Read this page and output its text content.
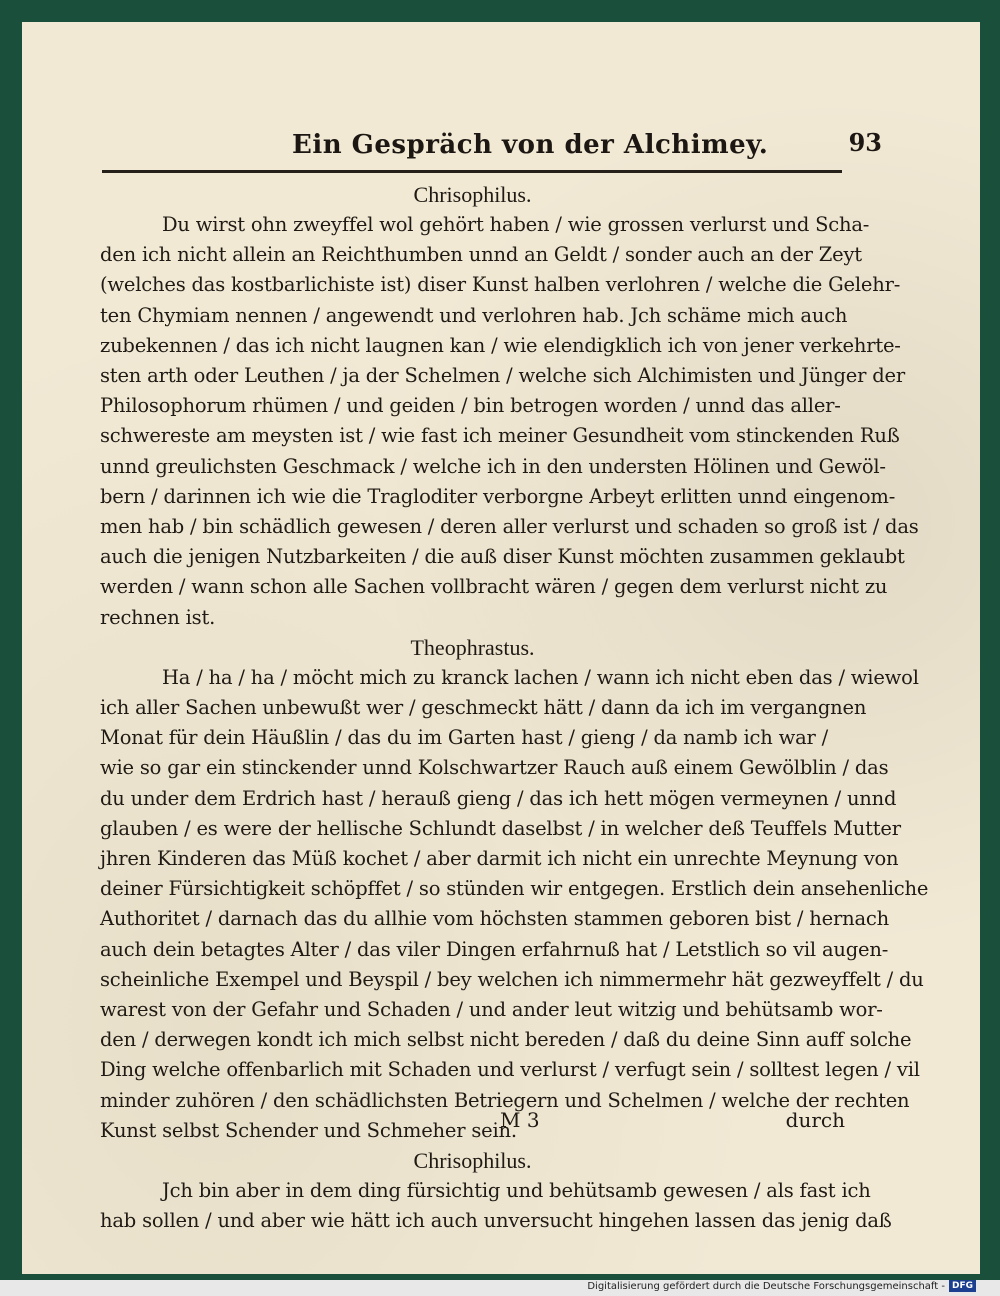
Ein Gespräch von der Alchimey.	93

Chrisophilus.

Du wirst ohn zweyffel wol gehört haben / wie grossen verlurst und Scha-

den ich nicht allein an Reichthumben unnd an Geldt / sonder auch an der Zeyt

(welches das kostbarlichiste ist) diser Kunst halben verlohren / welche die Gelehr-

ten Chymiam nennen / angewendt und verlohren hab. Jch schäme mich auch

zubekennen / das ich nicht laugnen kan / wie elendigklich ich von jener verkehrte-

sten arth oder Leuthen / ja der Schelmen / welche sich Alchimisten und Jünger der

Philosophorum rhümen / und geiden / bin betrogen worden / unnd das aller-

schwereste am meysten ist / wie fast ich meiner Gesundheit vom stinckenden Ruß

unnd greulichsten Geschmack / welche ich in den understen Hölinen und Gewöl-

bern / darinnen ich wie die Tragloditer verborgne Arbeyt erlitten unnd eingenom-

men hab / bin schädlich gewesen / deren aller verlurst und schaden so groß ist / das

auch die jenigen Nutzbarkeiten / die auß diser Kunst möchten zusammen geklaubt

werden / wann schon alle Sachen vollbracht wären / gegen dem verlurst nicht zu

rechnen ist.

Theophrastus.

Ha / ha / ha / möcht mich zu kranck lachen / wann ich nicht eben das / wiewol

ich aller Sachen unbewußt wer / geschmeckt hätt / dann da ich im vergangnen

Monat für dein Häußlin / das du im Garten hast / gieng / da namb ich war /

wie so gar ein stinckender unnd Kolschwartzer Rauch auß einem Gewölblin / das

du under dem Erdrich hast / herauß gieng / das ich hett mögen vermeynen / unnd

glauben / es were der hellische Schlundt daselbst / in welcher deß Teuffels Mutter

jhren Kinderen das Müß kochet / aber darmit ich nicht ein unrechte Meynung von

deiner Fürsichtigkeit schöpffet / so stünden wir entgegen. Erstlich dein ansehenliche

Authoritet / darnach das du allhie vom höchsten stammen geboren bist / hernach

auch dein betagtes Alter / das viler Dingen erfahrnuß hat / Letstlich so vil augen-

scheinliche Exempel und Beyspil / bey welchen ich nimmermehr hät gezweyffelt / du

warest von der Gefahr und Schaden / und ander leut witzig und behütsamb wor-

den / derwegen kondt ich mich selbst nicht bereden / daß du deine Sinn auff solche

Ding welche offenbarlich mit Schaden und verlurst / verfugt sein / solltest legen / vil

minder zuhören / den schädlichsten Betriegern und Schelmen / welche der rechten

Kunst selbst Schender und Schmeher sein.

Chrisophilus.

Jch bin aber in dem ding fürsichtig und behütsamb gewesen / als fast ich

hab sollen / und aber wie hätt ich auch unversucht hingehen lassen das jenig daß

M 3	durch
Digitalisierung gefördert durch die Deutsche Forschungsgemeinschaft - DFG
